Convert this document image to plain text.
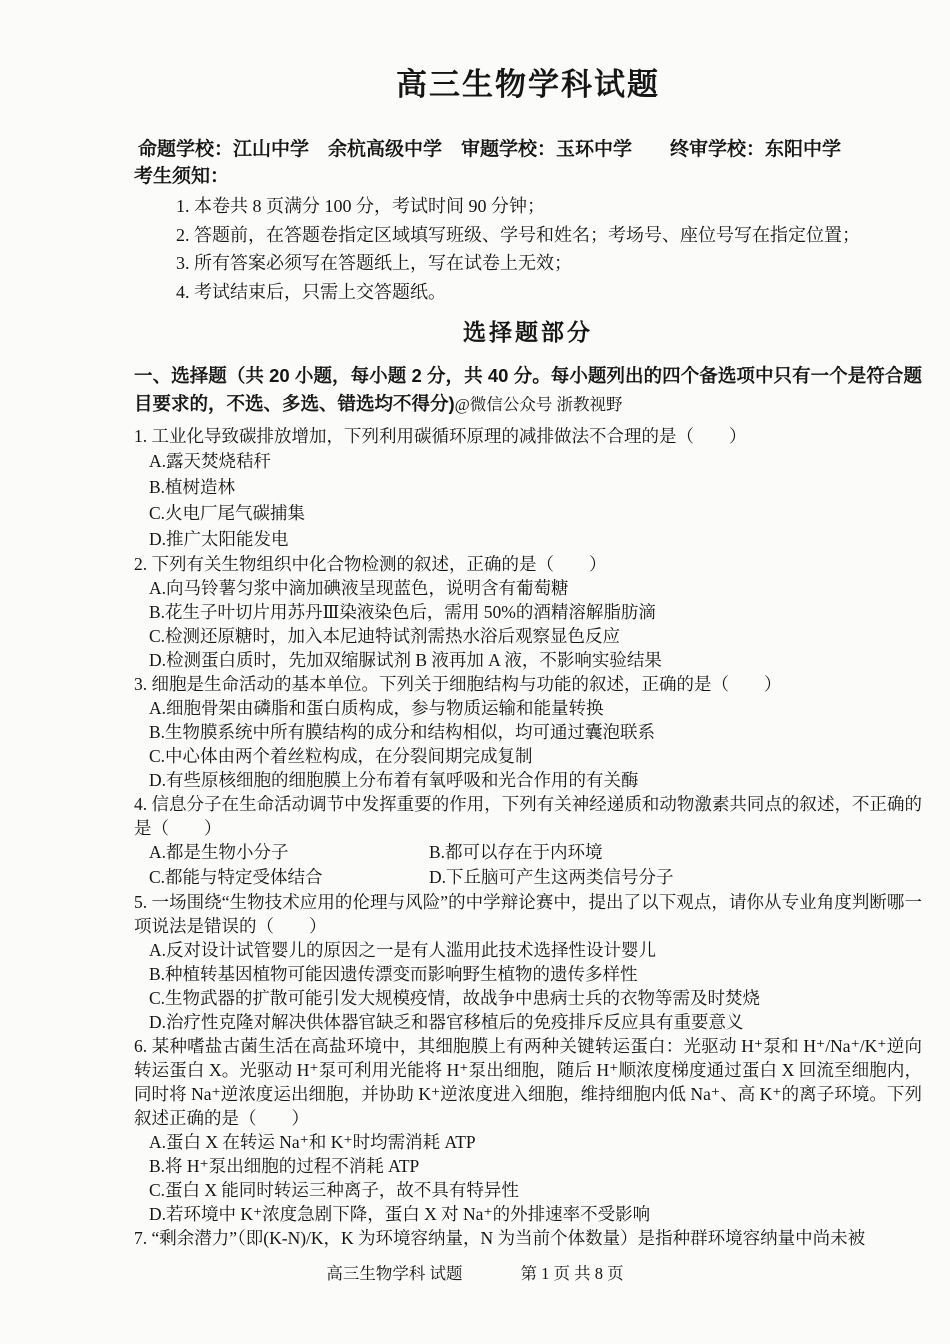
高三生物学科试题

命题学校：江山中学　余杭高级中学　审题学校：玉环中学　　终审学校：东阳中学

考生须知：

1. 本卷共 8 页满分 100 分，考试时间 90 分钟；

2. 答题前，在答题卷指定区域填写班级、学号和姓名；考场号、座位号写在指定位置；

3. 所有答案必须写在答题纸上，写在试卷上无效；

4. 考试结束后，只需上交答题纸。

选择题部分

一、选择题（共 20 小题，每小题 2 分，共 40 分。每小题列出的四个备选项中只有一个是符合题目要求的，不选、多选、错选均不得分)@微信公众号 浙教视野

1. 工业化导致碳排放增加，下列利用碳循环原理的减排做法不合理的是（　　）

A.露天焚烧秸秆

B.植树造林

C.火电厂尾气碳捕集

D.推广太阳能发电

2. 下列有关生物组织中化合物检测的叙述，正确的是（　　）

A.向马铃薯匀浆中滴加碘液呈现蓝色，说明含有葡萄糖

B.花生子叶切片用苏丹Ⅲ染液染色后，需用 50%的酒精溶解脂肪滴

C.检测还原糖时，加入本尼迪特试剂需热水浴后观察显色反应

D.检测蛋白质时，先加双缩脲试剂 B 液再加 A 液，不影响实验结果

3. 细胞是生命活动的基本单位。下列关于细胞结构与功能的叙述，正确的是（　　）

A.细胞骨架由磷脂和蛋白质构成，参与物质运输和能量转换

B.生物膜系统中所有膜结构的成分和结构相似，均可通过囊泡联系

C.中心体由两个着丝粒构成，在分裂间期完成复制

D.有些原核细胞的细胞膜上分布着有氧呼吸和光合作用的有关酶

4. 信息分子在生命活动调节中发挥重要的作用，下列有关神经递质和动物激素共同点的叙述，不正确的是（　　）

A.都是生物小分子	B.都可以存在于内环境

C.都能与特定受体结合	D.下丘脑可产生这两类信号分子

5. 一场围绕“生物技术应用的伦理与风险”的中学辩论赛中，提出了以下观点，请你从专业角度判断哪一项说法是错误的（　　）

A.反对设计试管婴儿的原因之一是有人滥用此技术选择性设计婴儿

B.种植转基因植物可能因遗传漂变而影响野生植物的遗传多样性

C.生物武器的扩散可能引发大规模疫情，故战争中患病士兵的衣物等需及时焚烧

D.治疗性克隆对解决供体器官缺乏和器官移植后的免疫排斥反应具有重要意义

6. 某种嗜盐古菌生活在高盐环境中，其细胞膜上有两种关键转运蛋白：光驱动 H⁺泵和 H⁺/Na⁺/K⁺逆向转运蛋白 X。光驱动 H⁺泵可利用光能将 H⁺泵出细胞，随后 H⁺顺浓度梯度通过蛋白 X 回流至细胞内，同时将 Na⁺逆浓度运出细胞，并协助 K⁺逆浓度进入细胞，维持细胞内低 Na⁺、高 K⁺的离子环境。下列叙述正确的是（　　）

A.蛋白 X 在转运 Na⁺和 K⁺时均需消耗 ATP

B.将 H⁺泵出细胞的过程不消耗 ATP

C.蛋白 X 能同时转运三种离子，故不具有特异性

D.若环境中 K⁺浓度急剧下降，蛋白 X 对 Na⁺的外排速率不受影响

7. “剩余潜力”（即(K-N)/K，K 为环境容纳量，N 为当前个体数量）是指种群环境容纳量中尚未被

高三生物学科 试题	第 1 页 共 8 页
